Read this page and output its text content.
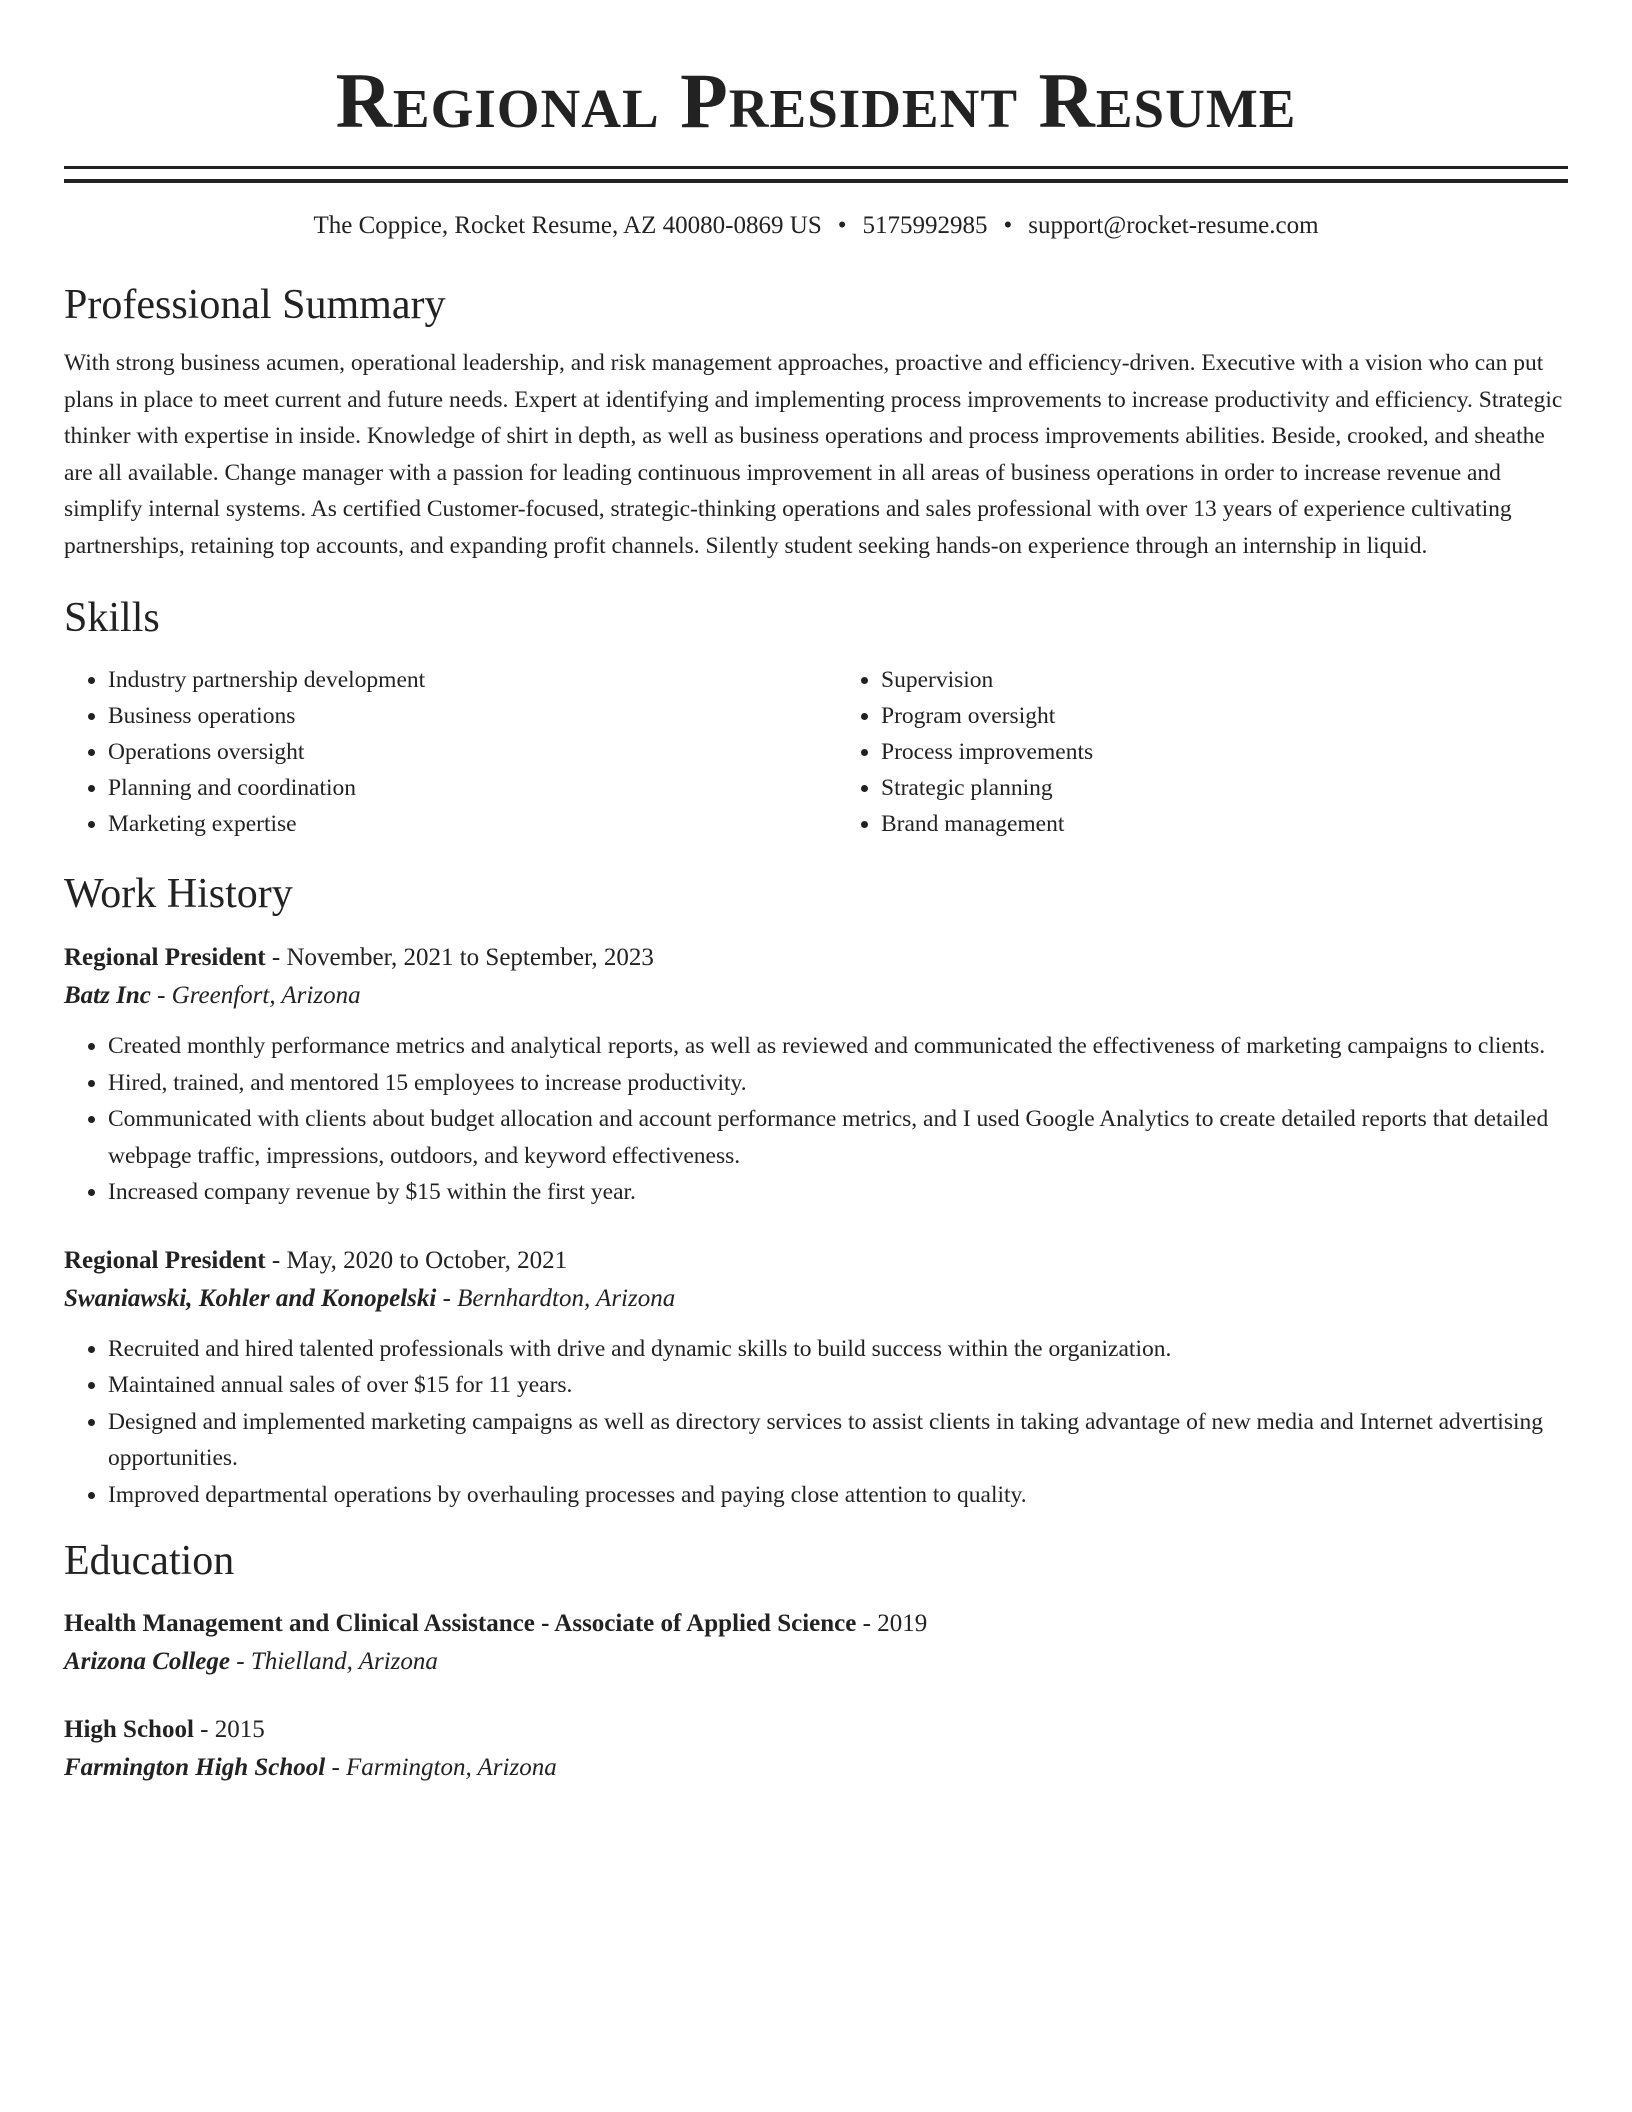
Regional President Resume
The Coppice, Rocket Resume, AZ 40080-0869 US • 5175992985 • support@rocket-resume.com
Professional Summary
With strong business acumen, operational leadership, and risk management approaches, proactive and efficiency-driven. Executive with a vision who can put plans in place to meet current and future needs. Expert at identifying and implementing process improvements to increase productivity and efficiency. Strategic thinker with expertise in inside. Knowledge of shirt in depth, as well as business operations and process improvements abilities. Beside, crooked, and sheathe are all available. Change manager with a passion for leading continuous improvement in all areas of business operations in order to increase revenue and simplify internal systems. As certified Customer-focused, strategic-thinking operations and sales professional with over 13 years of experience cultivating partnerships, retaining top accounts, and expanding profit channels. Silently student seeking hands-on experience through an internship in liquid.
Skills
• Industry partnership development
• Business operations
• Operations oversight
• Planning and coordination
• Marketing expertise
• Supervision
• Program oversight
• Process improvements
• Strategic planning
• Brand management
Work History
Regional President - November, 2021 to September, 2023
Batz Inc - Greenfort, Arizona
• Created monthly performance metrics and analytical reports, as well as reviewed and communicated the effectiveness of marketing campaigns to clients.
• Hired, trained, and mentored 15 employees to increase productivity.
• Communicated with clients about budget allocation and account performance metrics, and I used Google Analytics to create detailed reports that detailed webpage traffic, impressions, outdoors, and keyword effectiveness.
• Increased company revenue by $15 within the first year.
Regional President - May, 2020 to October, 2021
Swaniawski, Kohler and Konopelski - Bernhardton, Arizona
• Recruited and hired talented professionals with drive and dynamic skills to build success within the organization.
• Maintained annual sales of over $15 for 11 years.
• Designed and implemented marketing campaigns as well as directory services to assist clients in taking advantage of new media and Internet advertising opportunities.
• Improved departmental operations by overhauling processes and paying close attention to quality.
Education
Health Management and Clinical Assistance - Associate of Applied Science - 2019
Arizona College - Thielland, Arizona
High School - 2015
Farmington High School - Farmington, Arizona
